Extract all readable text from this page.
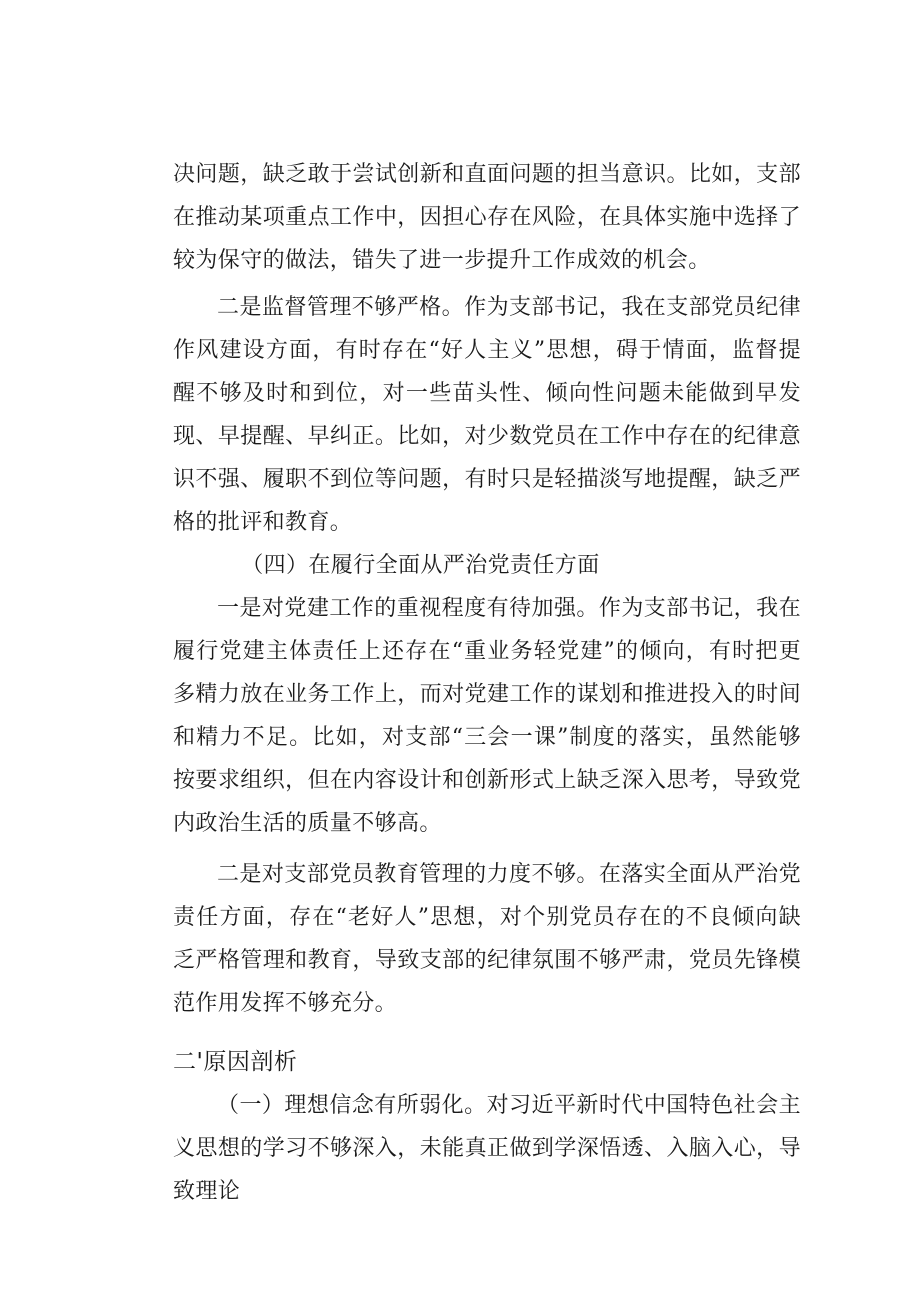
决问题，缺乏敢于尝试创新和直面问题的担当意识。比如，支部在推动某项重点工作中，因担心存在风险，在具体实施中选择了较为保守的做法，错失了进一步提升工作成效的机会。

二是监督管理不够严格。作为支部书记，我在支部党员纪律作风建设方面，有时存在“好人主义”思想，碍于情面，监督提醒不够及时和到位，对一些苗头性、倾向性问题未能做到早发现、早提醒、早纠正。比如，对少数党员在工作中存在的纪律意识不强、履职不到位等问题，有时只是轻描淡写地提醒，缺乏严格的批评和教育。

（四）在履行全面从严治党责任方面

一是对党建工作的重视程度有待加强。作为支部书记，我在履行党建主体责任上还存在“重业务轻党建”的倾向，有时把更多精力放在业务工作上，而对党建工作的谋划和推进投入的时间和精力不足。比如，对支部“三会一课”制度的落实，虽然能够按要求组织，但在内容设计和创新形式上缺乏深入思考，导致党内政治生活的质量不够高。

二是对支部党员教育管理的力度不够。在落实全面从严治党责任方面，存在“老好人”思想，对个别党员存在的不良倾向缺乏严格管理和教育，导致支部的纪律氛围不够严肃，党员先锋模范作用发挥不够充分。

二'原因剖析

（一）理想信念有所弱化。对习近平新时代中国特色社会主义思想的学习不够深入，未能真正做到学深悟透、入脑入心，导致理论
